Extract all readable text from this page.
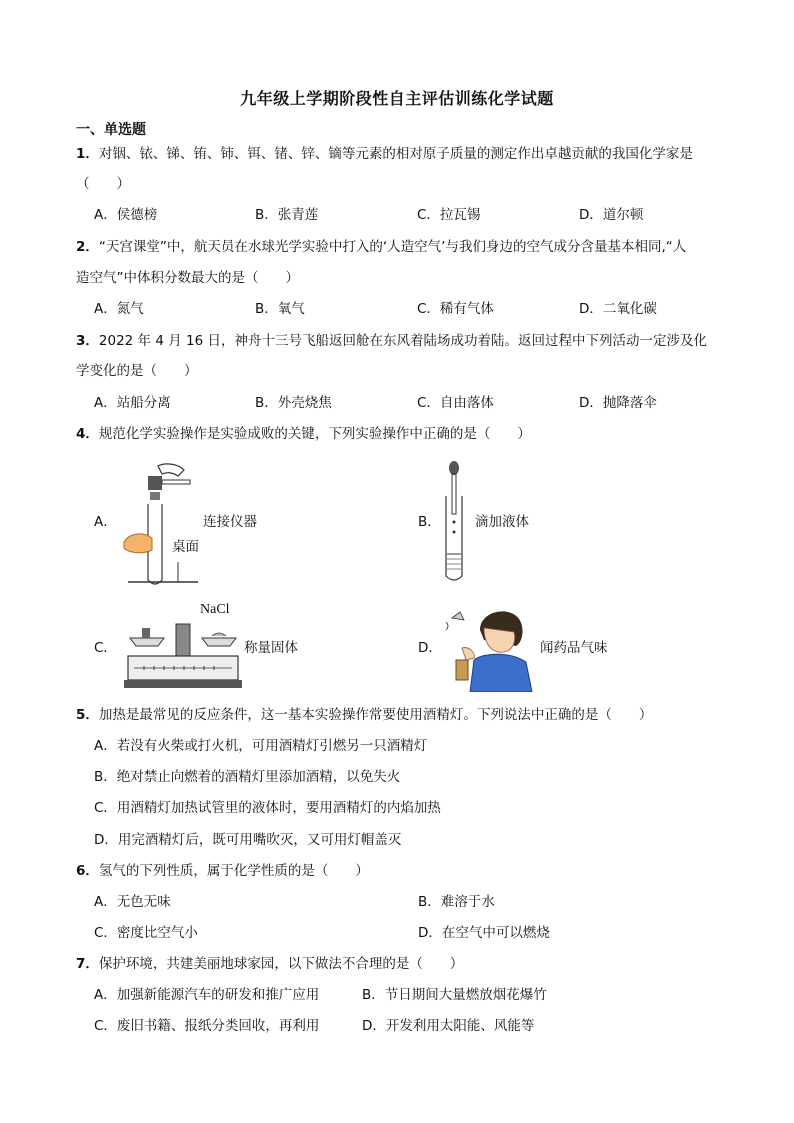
九年级上学期阶段性自主评估训练化学试题
一、单选题
1．对铟、铱、锑、铕、铈、铒、锗、锌、镝等元素的相对原子质量的测定作出卓越贡献的我国化学家是
（　　）
A．侯德榜	B．张青莲	C．拉瓦锡	D．道尔顿
2．“天宫课堂”中，航天员在水球光学实验中打入的‘人造空气’与我们身边的空气成分含量基本相同,“人
造空气”中体积分数最大的是（　　）
A．氮气	B．氧气	C．稀有气体	D．二氧化碳
3．2022 年 4 月 16 日，神舟十三号飞船返回舱在东风着陆场成功着陆。返回过程中下列活动一定涉及化
学变化的是（　　）
A．站船分离	B．外壳烧焦	C．自由落体	D．抛降落伞
4．规范化学实验操作是实验成败的关键，下列实验操作中正确的是（　　）
A．
桌面
连接仪器	B．	滴加液体
C．
NaCl
称量固体	D．	闻药品气味
5．加热是最常见的反应条件，这一基本实验操作常要使用酒精灯。下列说法中正确的是（　　）
A．若没有火柴或打火机，可用酒精灯引燃另一只酒精灯
B．绝对禁止向燃着的酒精灯里添加酒精，以免失火
C．用酒精灯加热试管里的液体时，要用酒精灯的内焰加热
D．用完酒精灯后，既可用嘴吹灭，又可用灯帽盖灭
6．氢气的下列性质，属于化学性质的是（　　）
A．无色无味	B．难溶于水
C．密度比空气小	D．在空气中可以燃烧
7．保护环境，共建美丽地球家园，以下做法不合理的是（　　）
A．加强新能源汽车的研发和推广应用	B．节日期间大量燃放烟花爆竹
C．废旧书籍、报纸分类回收，再利用	D．开发利用太阳能、风能等
